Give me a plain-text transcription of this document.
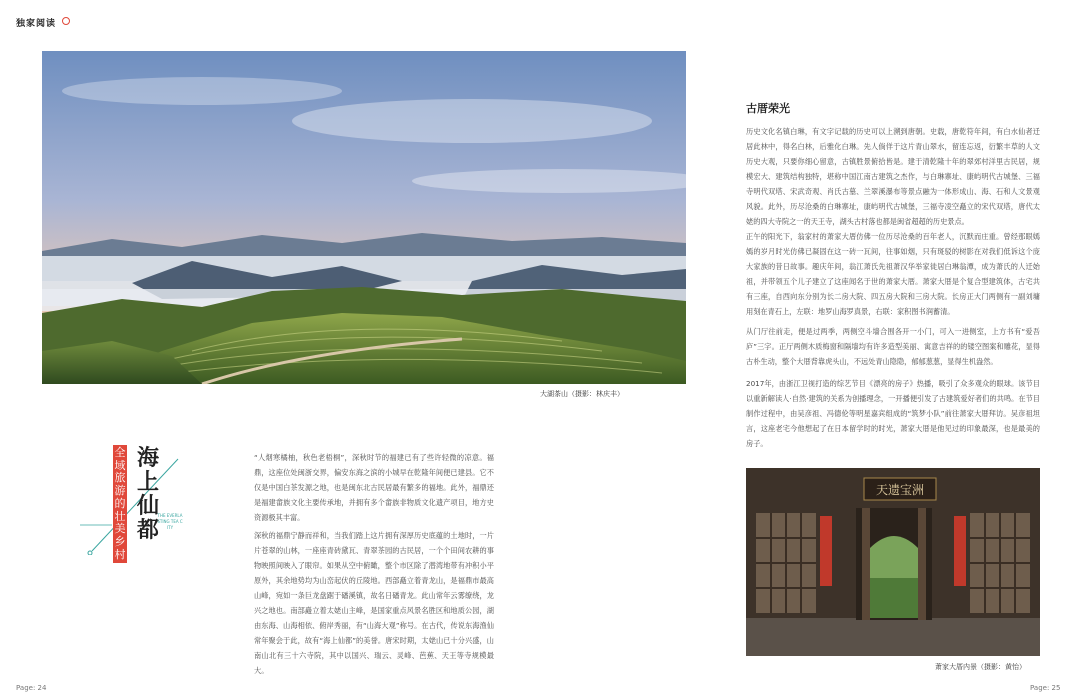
独家阅读
大湖茶山（摄影：林庆丰）
全域旅游的壮美乡村
海上仙都
THE EVERLASTING TEA CITY

“人烟寒橘柚，秋色老梧桐”，深秋时节的福建已有了些许轻微的凉意。福鼎，这座位处闽浙交界，偏安东海之滨的小城早在乾隆年间便已建县。它不仅是中国白茶发源之地，也是闽东北古民居最有繁多的福地。此外，福鼎还是福建畲族文化主要传承地，并拥有多个畲族非物质文化遗产项目，地方史资源极其丰富。

深秋的福鼎宁静而祥和，当我们踏上这片拥有深厚历史底蕴的土地时，一片片苍翠的山林，一座座青砖黛瓦、青翠茶园的古民居，一个个田间农耕的事物映照间映入了眼帘。如果从空中俯瞰，整个市区除了潜湾地带有冲积小平原外，其余地势均为山峦起伏的丘陵地。西部矗立着青龙山，是福鼎市最高山峰，宛如一条巨龙盘踞于磻溪镇，故名日磻青龙。此山常年云雾缭绕，龙兴之地也。南部矗立着太姥山主峰，是国家重点风景名胜区和地质公园，湖由东海、山海相依、俯岸秀丽，有“山海大观”称号。在古代，传说东海渔仙常年聚会于此，故有“海上仙都”的美誉。唐宋时期，太姥山已十分兴盛，山南山北有三十六寺院，其中以国兴、瑞云、灵峰、芭蕉、天王等寺规模最大。

古厝荣光

历史文化名镇白琳，有文字记载的历史可以上溯到唐朝。史载，唐乾符年间，有白水仙者迁居此林中，得名白林，后雅化白琳。先人倘佯于这片青山翠水，留连忘返，衍繁丰草的人文历史大观，只要你细心留意，古镇胜景俯拾皆是。建于清乾隆十年的翠郊村洋里古民居，规模宏大、建筑结构独特，堪称中国江南古建筑之杰作，与白琳寨址、康屿明代古城堡、三福寺明代双塔、宋武奇观、肖氏古墓、兰翠溪瀑布等景点融为一体形成山、海、石和人文景观风貌。此外，历尽沧桑的白琳寨址，康屿明代古城堡，三福寺凌空矗立的宋代双塔，唐代太姥的四大寺院之一的天王寺，湖头古村落也都是闽省超超的历史景点。

正午的阳光下，翁家村的萧家大厝仿佛一位历尽沧桑的百年老人，沉默而庄重。曾经那眼嫣嫣的岁月时光仿佛已凝固在这一砖一瓦间，往事如烟，只有斑驳的树影在对我们低诉这个庞大家族的昔日故事。趣庆年间，翁江萧氏先祖萧汉华举家徙居白琳翁潭，成为萧氏的人迁始祖，并带领五个儿子建立了这座闻名于世的萧家大厝。萧家大厝是个复合型建筑体，古宅共有三座，自西向东分别为长二房大院、四五房大院和三房大院。长房正大门两侧有一副刘墉用刻在青石上，左联：地罗山海罗真景，右联：家积图书润蓄清。

从门厅往前走，便是过两季，两侧空斗墙合围各开一小门，可入一进侧室，上方书有“爱吾庐”三字。正厅两侧木质梅窗和隔墙均有许多造型美丽、寓意吉祥的的镂空图案和雕花，显得古朴生动，整个大厝背靠虎头山，不远处青山隐隐，郁郁葱葱，显得生机盎然。

2017年，由浙江卫视打造的综艺节目《漂亮的房子》热播，吸引了众多观众的眼球。该节目以重新解读人·自然·建筑的关系为创播理念，一开播便引发了古建筑爱好者们的共鸣。在节目制作过程中，由吴彦祖、冯德伦等明星嘉宾组成的“筑梦小队”前往萧家大厝拜访。吴彦祖坦言，这座老宅今他想起了在日本留学时的时光，萧家大厝是他见过的印象最深，也是最美的房子。

天遗宝洲
萧家大厝内景（摄影：黄怡）
Page: 24	Page: 25
